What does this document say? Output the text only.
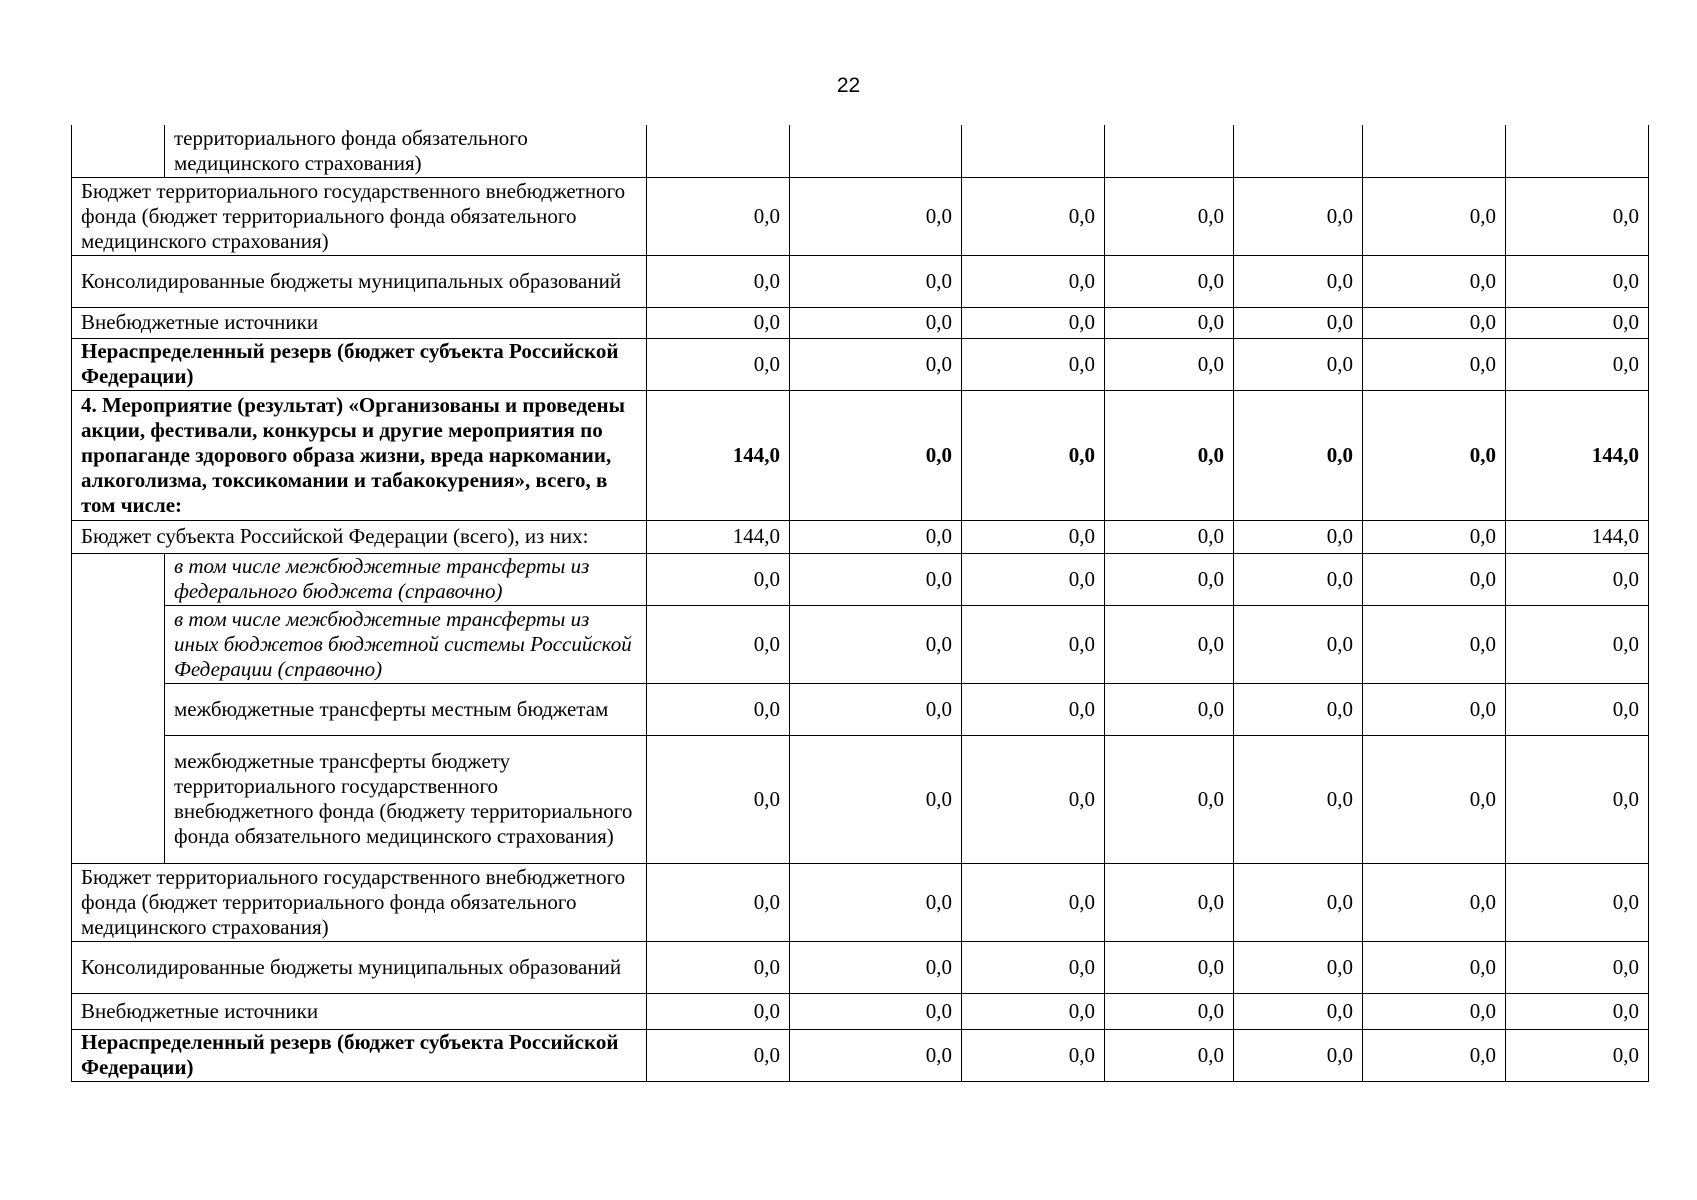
22
	территориального фонда обязательного медицинского страхования)							
Бюджет территориального государственного внебюджетного фонда (бюджет территориального фонда обязательного медицинского страхования)		0,0	0,0	0,0	0,0	0,0	0,0	0,0
Консолидированные бюджеты муниципальных образований		0,0	0,0	0,0	0,0	0,0	0,0	0,0
Внебюджетные источники		0,0	0,0	0,0	0,0	0,0	0,0	0,0
Нераспределенный резерв (бюджет субъекта Российской Федерации)		0,0	0,0	0,0	0,0	0,0	0,0	0,0
4. Мероприятие (результат) «Организованы и проведены акции, фестивали, конкурсы и другие мероприятия по пропаганде здорового образа жизни, вреда наркомании, алкоголизма, токсикомании и табакокурения», всего, в том числе:		144,0	0,0	0,0	0,0	0,0	0,0	144,0
Бюджет субъекта Российской Федерации (всего), из них:		144,0	0,0	0,0	0,0	0,0	0,0	144,0
	в том числе межбюджетные трансферты из федерального бюджета (справочно)	0,0	0,0	0,0	0,0	0,0	0,0	0,0
	в том числе межбюджетные трансферты из иных бюджетов бюджетной системы Российской Федерации (справочно)	0,0	0,0	0,0	0,0	0,0	0,0	0,0
	межбюджетные трансферты местным бюджетам	0,0	0,0	0,0	0,0	0,0	0,0	0,0
	межбюджетные трансферты бюджету территориального государственного внебюджетного фонда (бюджету территориального фонда обязательного медицинского страхования)	0,0	0,0	0,0	0,0	0,0	0,0	0,0
Бюджет территориального государственного внебюджетного фонда (бюджет территориального фонда обязательного медицинского страхования)		0,0	0,0	0,0	0,0	0,0	0,0	0,0
Консолидированные бюджеты муниципальных образований		0,0	0,0	0,0	0,0	0,0	0,0	0,0
Внебюджетные источники		0,0	0,0	0,0	0,0	0,0	0,0	0,0
Нераспределенный резерв (бюджет субъекта Российской Федерации)		0,0	0,0	0,0	0,0	0,0	0,0	0,0
